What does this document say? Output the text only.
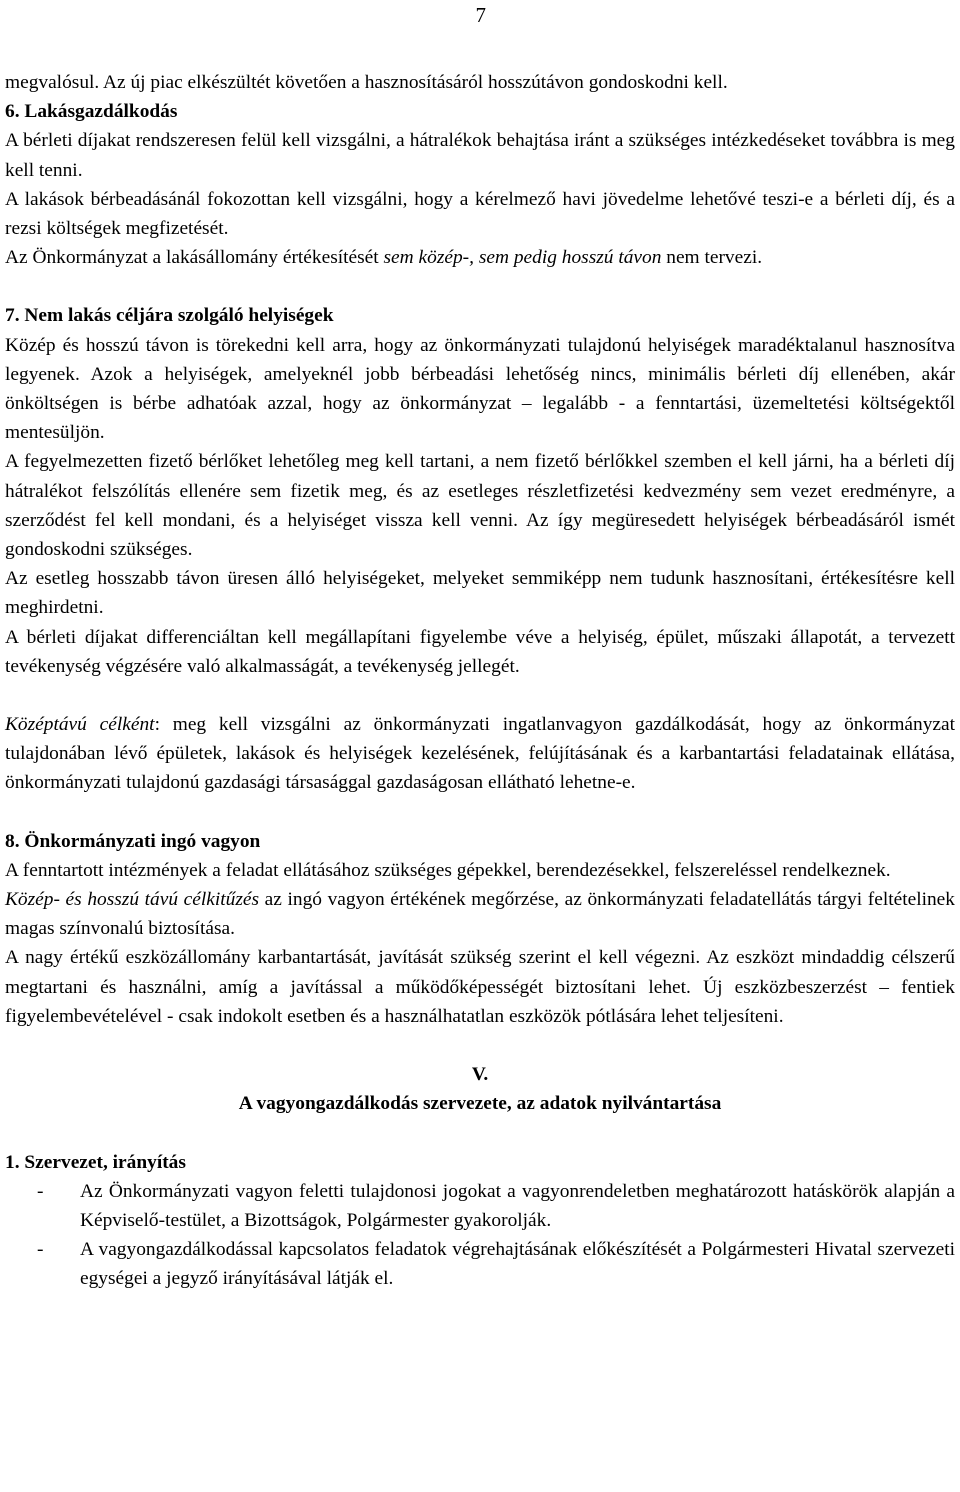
7

megvalósul. Az új piac elkészültét követően a hasznosításáról hosszútávon gondoskodni kell.

6. Lakásgazdálkodás

A bérleti díjakat rendszeresen felül kell vizsgálni, a hátralékok behajtása iránt a szükséges intézkedéseket továbbra is meg kell tenni.

A lakások bérbeadásánál fokozottan kell vizsgálni, hogy a kérelmező havi jövedelme lehetővé teszi-e a bérleti díj, és a rezsi költségek megfizetését.

Az Önkormányzat a lakásállomány értékesítését sem közép-, sem pedig hosszú távon nem tervezi.

7. Nem lakás céljára szolgáló helyiségek

Közép és hosszú távon is törekedni kell arra, hogy az önkormányzati tulajdonú helyiségek maradéktalanul hasznosítva legyenek. Azok a helyiségek, amelyeknél jobb bérbeadási lehetőség nincs, minimális bérleti díj ellenében, akár önköltségen is bérbe adhatóak azzal, hogy az önkormányzat – legalább - a fenntartási, üzemeltetési költségektől mentesüljön.

A fegyelmezetten fizető bérlőket lehetőleg meg kell tartani, a nem fizető bérlőkkel szemben el kell járni, ha a bérleti díj hátralékot felszólítás ellenére sem fizetik meg, és az esetleges részletfizetési kedvezmény sem vezet eredményre, a szerződést fel kell mondani, és a helyiséget vissza kell venni. Az így megüresedett helyiségek bérbeadásáról ismét gondoskodni szükséges.

Az esetleg hosszabb távon üresen álló helyiségeket, melyeket semmiképp nem tudunk hasznosítani, értékesítésre kell meghirdetni.

A bérleti díjakat differenciáltan kell megállapítani figyelembe véve a helyiség, épület, műszaki állapotát, a tervezett tevékenység végzésére való alkalmasságát, a tevékenység jellegét.

Középtávú célként: meg kell vizsgálni az önkormányzati ingatlanvagyon gazdálkodását, hogy az önkormányzat tulajdonában lévő épületek, lakások és helyiségek kezelésének, felújításának és a karbantartási feladatainak ellátása, önkormányzati tulajdonú gazdasági társasággal gazdaságosan ellátható lehetne-e.

8. Önkormányzati ingó vagyon

A fenntartott intézmények a feladat ellátásához szükséges gépekkel, berendezésekkel, felszereléssel rendelkeznek.

Közép- és hosszú távú célkitűzés az ingó vagyon értékének megőrzése, az önkormányzati feladatellátás tárgyi feltételinek magas színvonalú biztosítása.

A nagy értékű eszközállomány karbantartását, javítását szükség szerint el kell végezni. Az eszközt mindaddig célszerű megtartani és használni, amíg a javítással a működőképességét biztosítani lehet. Új eszközbeszerzést – fentiek figyelembevételével - csak indokolt esetben és a használhatatlan eszközök pótlására lehet teljesíteni.

V.

A vagyongazdálkodás szervezete, az adatok nyilvántartása

1. Szervezet, irányítás

-	Az Önkormányzati vagyon feletti tulajdonosi jogokat a vagyonrendeletben meghatározott hatáskörök alapján a Képviselő-testület, a Bizottságok, Polgármester gyakorolják.
-	A vagyongazdálkodással kapcsolatos feladatok végrehajtásának előkészítését a Polgármesteri Hivatal szervezeti egységei a jegyző irányításával látják el.
